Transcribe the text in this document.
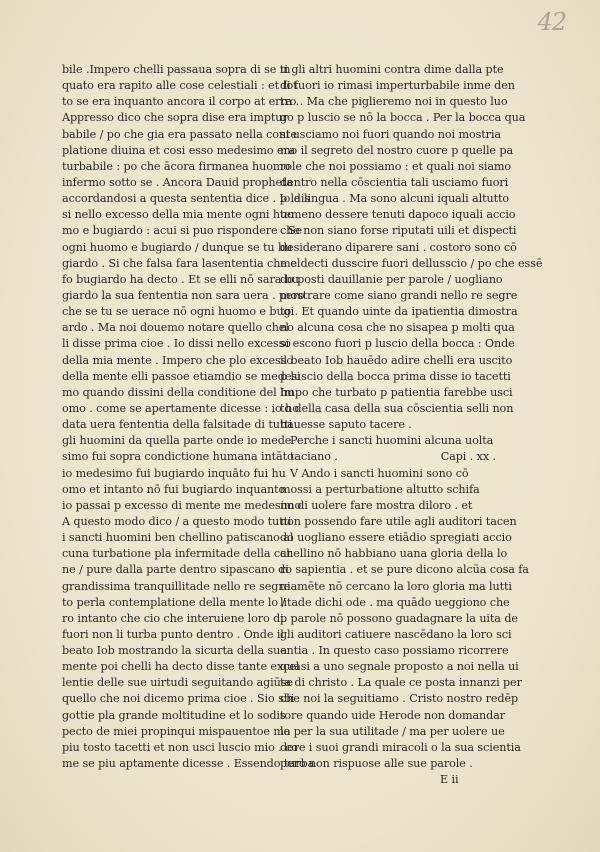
42
bile .Impero chelli passaua sopra di se in
quato era rapito alle cose celestiali : et fot
to se era inquanto ancora il corpo at erra .
Appresso dico che sopra dise era imptur
babile / po che gia era passato nella conte
platione diuina et cosi esso medesimo era
turbabile : po che ācora firmanea huomo
infermo sotto se . Ancora Dauid propheta
accordandosi a questa sententia dice . Io dis
si nello excesso della mia mente ogni huo
mo e bugiardo : acui si puo rispondere . Se
ogni huomo e bugiardo / dunque se tu bu
giardo . Si che falsa fara lasententia che el
fo bugiardo ha decto . Et se elli nō sara bu
giardo la sua fententia non sara uera . pero
che se tu se uerace nō ogni huomo e bugi
ardo . Ma noi douemo notare quello chel
li disse prima cioe . Io dissi nello excesso
della mia mente . Impero che plo excesso
della mente elli passoe etiamdio se medesi
mo quando dissini della conditione del hu
omo . come se apertamente dicesse : io ho
data uera fententia della falsitade di tutti
gli huomini da quella parte onde io mede
simo fui sopra condictione humana intāto
io medesimo fui bugiardo inquāto fui hu
omo et intanto nō fui bugiardo inquanto
io passai p excesso di mente me medesimo
A questo modo dico / a questo modo tutti
i sancti huomini ben chellino patiscano al
cuna turbatione pla infermitade della car
ne / pure dalla parte dentro sipascano di
grandissima tranquillitade nello re segre
to perla contemplatione della mente lo /
ro intanto che cio che interuiene loro di
fuori non li turba punto dentro . Onde il
beato Iob mostrando la sicurta della sua
mente poi chelli ha decto disse tante excel
lentie delle sue uirtudi seguitando agiūse
quello che noi dicemo prima cioe . Sio sbi
gottie pla grande moltitudine et lo sodis
pecto de miei propinqui mispauentoe ma
piu tosto tacetti et non usci luscio mio . co
me se piu aptamente dicesse . Essendo turba
ti gli altri huomini contra dime dalla pte
di fuori io rimasi imperturbabile inme den
tro . Ma che piglieremo noi in questo luo
go p luscio se nō la bocca . Per la bocca qua
si usciamo noi fuori quando noi mostria
mo il segreto del nostro cuore p quelle pa
role che noi possiamo : et quali noi siamo
dentro nella cōscientia tali usciamo fuori
p la lingua . Ma sono alcuni iquali altutto
temeno dessere tenuti dapoco iquali accio
che non siano forse riputati uili et dispecti
desiderano diparere sani . costoro sono cō
me decti dusscire fuori dellusscio / po che essē
do posti dauillanie per parole / uogliano
mostrare come siano grandi nello re segre
to . Et quando uinte da ipatientia dimostra
no alcuna cosa che no sisapea p molti qua
si escono fuori p luscio della bocca : Onde
il beato Iob hauēdo adire chelli era uscito
p luscio della bocca prima disse io tacetti
Impo che turbato p patientia farebbe usci
to della casa della sua cōscientia selli non
hauesse saputo tacere .
Perche i sancti huomini alcuna uolta
taciano .	Capi . xx .
V Ando i sancti huomini sono cō
mossi a perturbatione altutto schifa
no di uolere fare mostra diloro . et
non possendo fare utile agli auditori tacen
do uogliano essere etiādio spregiati accio
chellino nō habbiano uana gloria della lo
ro sapientia . et se pure dicono alcūa cosa fa
uiamēte nō cercano la loro gloria ma lutti
litade dichi ode . ma quādo ueggiono che
p parole nō possono guadagnare la uita de
gli auditori catiuere nascēdano la loro sci
entia . In questo caso possiamo ricorrere
quasi a uno segnale proposto a noi nella ui
ta di christo . La quale ce posta innanzi per
che noi la seguitiamo . Cristo nostro redēp
tore quando uide Herode non domandar
lo per la sua utilitade / ma per uolere ue
dere i suoi grandi miracoli o la sua scientia
pero non rispuose alle sue parole .
E ii
